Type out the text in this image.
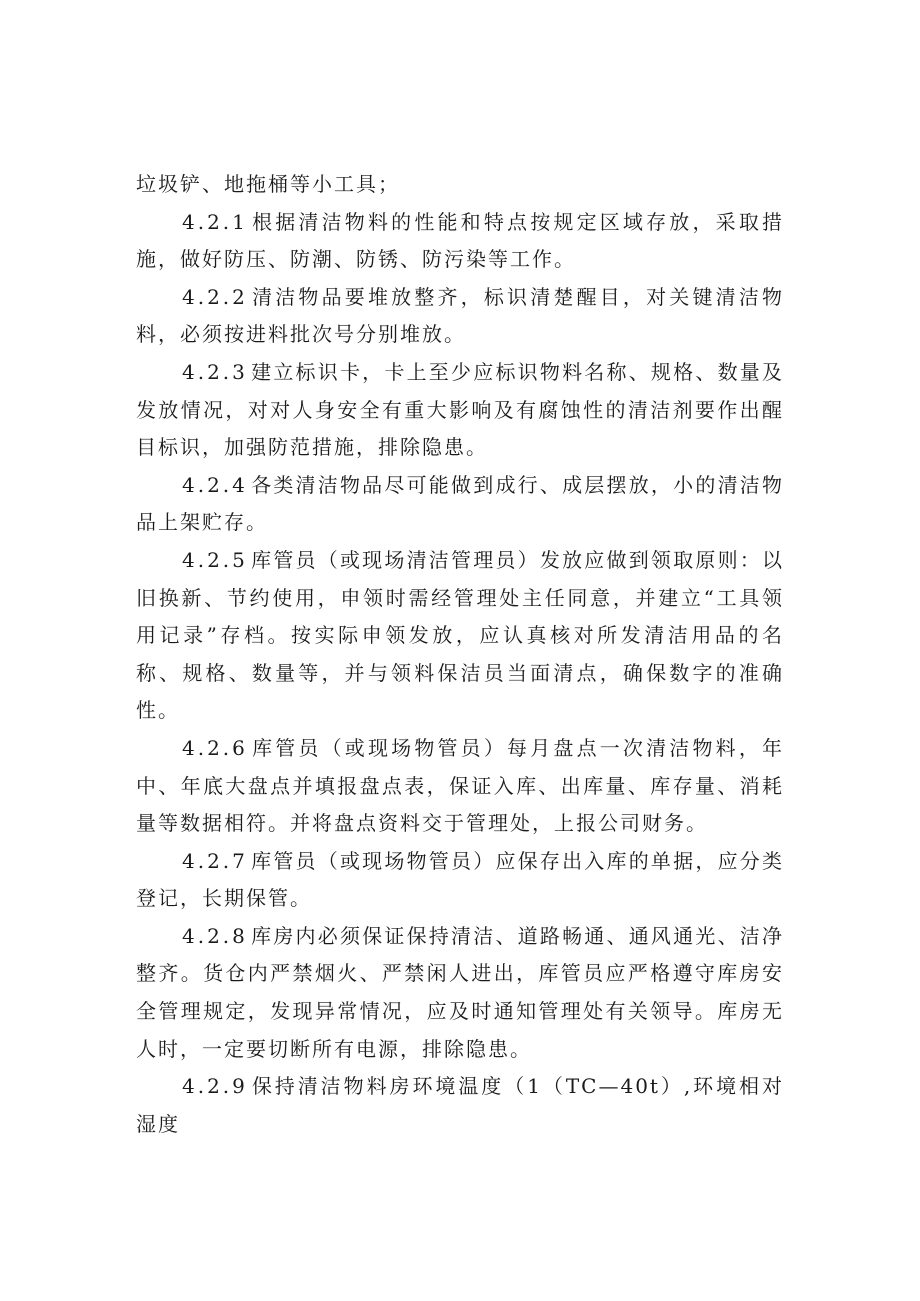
垃圾铲、地拖桶等小工具；

4.2.1 根据清洁物料的性能和特点按规定区域存放，采取措施，做好防压、防潮、防锈、防污染等工作。

4.2.2 清洁物品要堆放整齐，标识清楚醒目，对关键清洁物料，必须按进料批次号分别堆放。

4.2.3 建立标识卡，卡上至少应标识物料名称、规格、数量及发放情况，对对人身安全有重大影响及有腐蚀性的清洁剂要作出醒目标识，加强防范措施，排除隐患。

4.2.4 各类清洁物品尽可能做到成行、成层摆放，小的清洁物品上架贮存。

4.2.5 库管员（或现场清洁管理员）发放应做到领取原则：以旧换新、节约使用，申领时需经管理处主任同意，并建立“工具领用记录”存档。按实际申领发放，应认真核对所发清洁用品的名称、规格、数量等，并与领料保洁员当面清点，确保数字的准确性。

4.2.6 库管员（或现场物管员）每月盘点一次清洁物料，年中、年底大盘点并填报盘点表，保证入库、出库量、库存量、消耗量等数据相符。并将盘点资料交于管理处，上报公司财务。

4.2.7 库管员（或现场物管员）应保存出入库的单据，应分类登记，长期保管。

4.2.8 库房内必须保证保持清洁、道路畅通、通风通光、洁净整齐。货仓内严禁烟火、严禁闲人进出，库管员应严格遵守库房安全管理规定，发现异常情况，应及时通知管理处有关领导。库房无人时，一定要切断所有电源，排除隐患。

4.2.9 保持清洁物料房环境温度（1（TC—40t）,环境相对湿度
